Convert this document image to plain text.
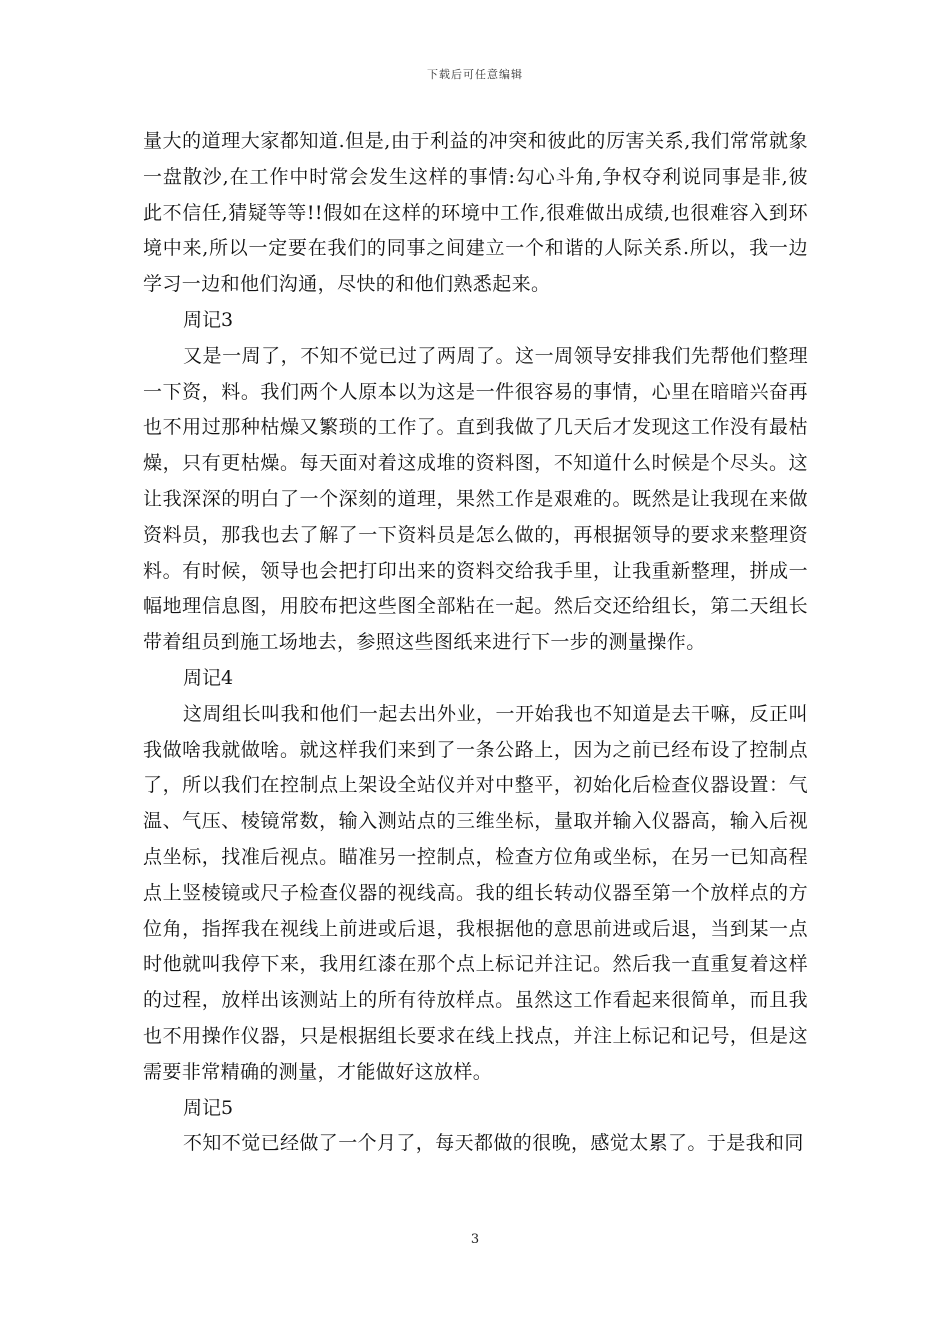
下载后可任意编辑

量大的道理大家都知道.但是,由于利益的冲突和彼此的厉害关系,我们常常就象一盘散沙,在工作中时常会发生这样的事情:勾心斗角,争权夺利说同事是非,彼此不信任,猜疑等等!!假如在这样的环境中工作,很难做出成绩,也很难容入到环境中来,所以一定要在我们的同事之间建立一个和谐的人际关系.所以，我一边学习一边和他们沟通，尽快的和他们熟悉起来。

周记3

又是一周了，不知不觉已过了两周了。这一周领导安排我们先帮他们整理一下资，料。我们两个人原本以为这是一件很容易的事情，心里在暗暗兴奋再也不用过那种枯燥又繁琐的工作了。直到我做了几天后才发现这工作没有最枯燥，只有更枯燥。每天面对着这成堆的资料图，不知道什么时候是个尽头。这让我深深的明白了一个深刻的道理，果然工作是艰难的。既然是让我现在来做资料员，那我也去了解了一下资料员是怎么做的，再根据领导的要求来整理资料。有时候，领导也会把打印出来的资料交给我手里，让我重新整理，拼成一幅地理信息图，用胶布把这些图全部粘在一起。然后交还给组长，第二天组长带着组员到施工场地去，参照这些图纸来进行下一步的测量操作。

周记4

这周组长叫我和他们一起去出外业，一开始我也不知道是去干嘛，反正叫我做啥我就做啥。就这样我们来到了一条公路上，因为之前已经布设了控制点了，所以我们在控制点上架设全站仪并对中整平，初始化后检查仪器设置：气温、气压、棱镜常数，输入测站点的三维坐标，量取并输入仪器高，输入后视点坐标，找准后视点。瞄准另一控制点，检查方位角或坐标，在另一已知高程点上竖棱镜或尺子检查仪器的视线高。我的组长转动仪器至第一个放样点的方位角，指挥我在视线上前进或后退，我根据他的意思前进或后退，当到某一点时他就叫我停下来，我用红漆在那个点上标记并注记。然后我一直重复着这样的过程，放样出该测站上的所有待放样点。虽然这工作看起来很简单，而且我也不用操作仪器，只是根据组长要求在线上找点，并注上标记和记号，但是这需要非常精确的测量，才能做好这放样。

周记5

不知不觉已经做了一个月了，每天都做的很晚，感觉太累了。于是我和同

3
